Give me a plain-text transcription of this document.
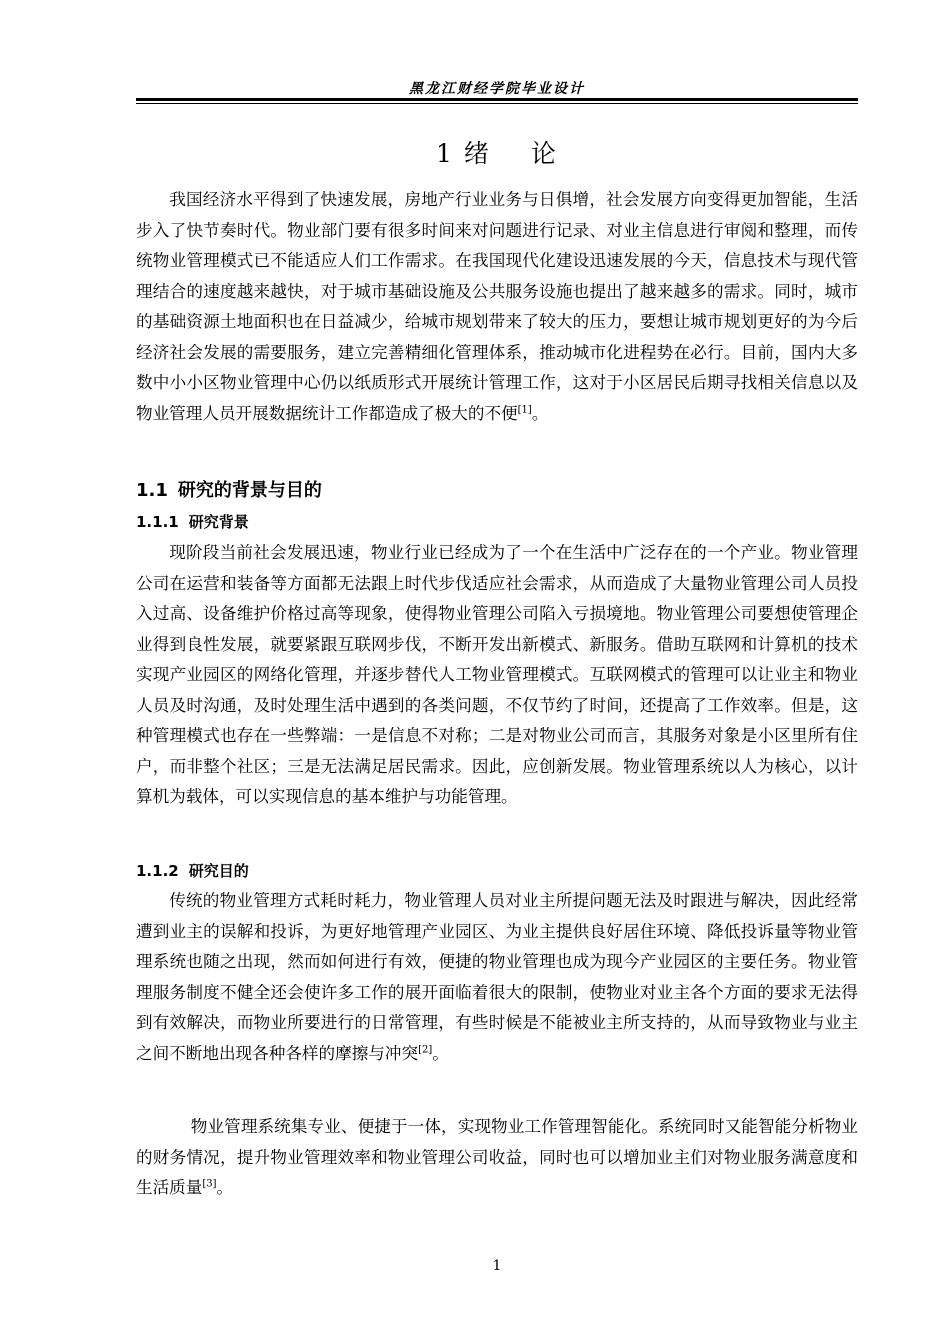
黑龙江财经学院毕业设计
1 绪 论

我国经济水平得到了快速发展，房地产行业业务与日俱增，社会发展方向变得更加智能，生活步入了快节奏时代。物业部门要有很多时间来对问题进行记录、对业主信息进行审阅和整理，而传统物业管理模式已不能适应人们工作需求。在我国现代化建设迅速发展的今天，信息技术与现代管理结合的速度越来越快，对于城市基础设施及公共服务设施也提出了越来越多的需求。同时，城市的基础资源土地面积也在日益减少，给城市规划带来了较大的压力，要想让城市规划更好的为今后经济社会发展的需要服务，建立完善精细化管理体系，推动城市化进程势在必行。目前，国内大多数中小小区物业管理中心仍以纸质形式开展统计管理工作，这对于小区居民后期寻找相关信息以及物业管理人员开展数据统计工作都造成了极大的不便[1]。

1.1 研究的背景与目的
1.1.1 研究背景

现阶段当前社会发展迅速，物业行业已经成为了一个在生活中广泛存在的一个产业。物业管理公司在运营和装备等方面都无法跟上时代步伐适应社会需求，从而造成了大量物业管理公司人员投入过高、设备维护价格过高等现象，使得物业管理公司陷入亏损境地。物业管理公司要想使管理企业得到良性发展，就要紧跟互联网步伐，不断开发出新模式、新服务。借助互联网和计算机的技术实现产业园区的网络化管理，并逐步替代人工物业管理模式。互联网模式的管理可以让业主和物业人员及时沟通，及时处理生活中遇到的各类问题，不仅节约了时间，还提高了工作效率。但是，这种管理模式也存在一些弊端：一是信息不对称；二是对物业公司而言，其服务对象是小区里所有住户，而非整个社区；三是无法满足居民需求。因此，应创新发展。物业管理系统以人为核心，以计算机为载体，可以实现信息的基本维护与功能管理。

1.1.2 研究目的

传统的物业管理方式耗时耗力，物业管理人员对业主所提问题无法及时跟进与解决，因此经常遭到业主的误解和投诉，为更好地管理产业园区、为业主提供良好居住环境、降低投诉量等物业管理系统也随之出现，然而如何进行有效，便捷的物业管理也成为现今产业园区的主要任务。物业管理服务制度不健全还会使许多工作的展开面临着很大的限制，使物业对业主各个方面的要求无法得到有效解决，而物业所要进行的日常管理，有些时候是不能被业主所支持的，从而导致物业与业主之间不断地出现各种各样的摩擦与冲突[2]。

物业管理系统集专业、便捷于一体，实现物业工作管理智能化。系统同时又能智能分析物业的财务情况，提升物业管理效率和物业管理公司收益，同时也可以增加业主们对物业服务满意度和生活质量[3]。

1
